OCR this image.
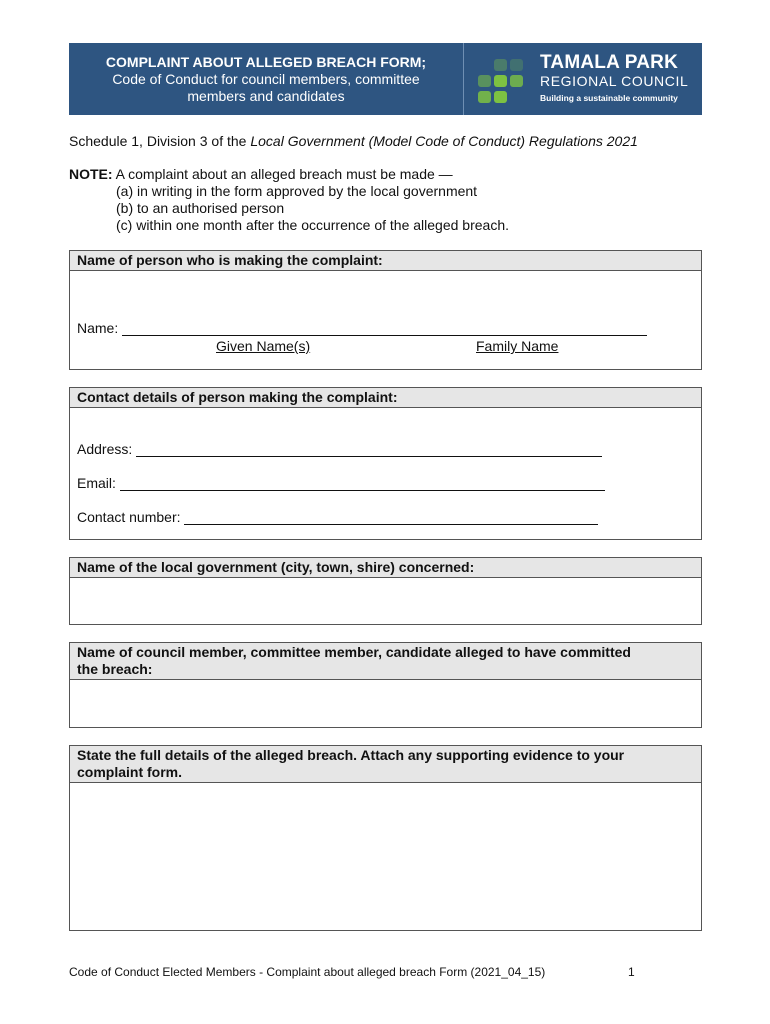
COMPLAINT ABOUT ALLEGED BREACH FORM;
Code of Conduct for council members, committee
members and candidates
TAMALA PARK
REGIONAL COUNCIL
Building a sustainable community
Schedule 1, Division 3 of the Local Government (Model Code of Conduct) Regulations 2021
NOTE: A complaint about an alleged breach must be made —
(a) in writing in the form approved by the local government
(b) to an authorised person
(c) within one month after the occurrence of the alleged breach.
Name of person who is making the complaint:
Name:
Given Name(s)	Family Name
Contact details of person making the complaint:
Address:
Email:
Contact number:
Name of the local government (city, town, shire) concerned:
Name of council member, committee member, candidate alleged to have committed
the breach:
State the full details of the alleged breach. Attach any supporting evidence to your
complaint form.
Code of Conduct Elected Members - Complaint about alleged breach Form (2021_04_15)	1
